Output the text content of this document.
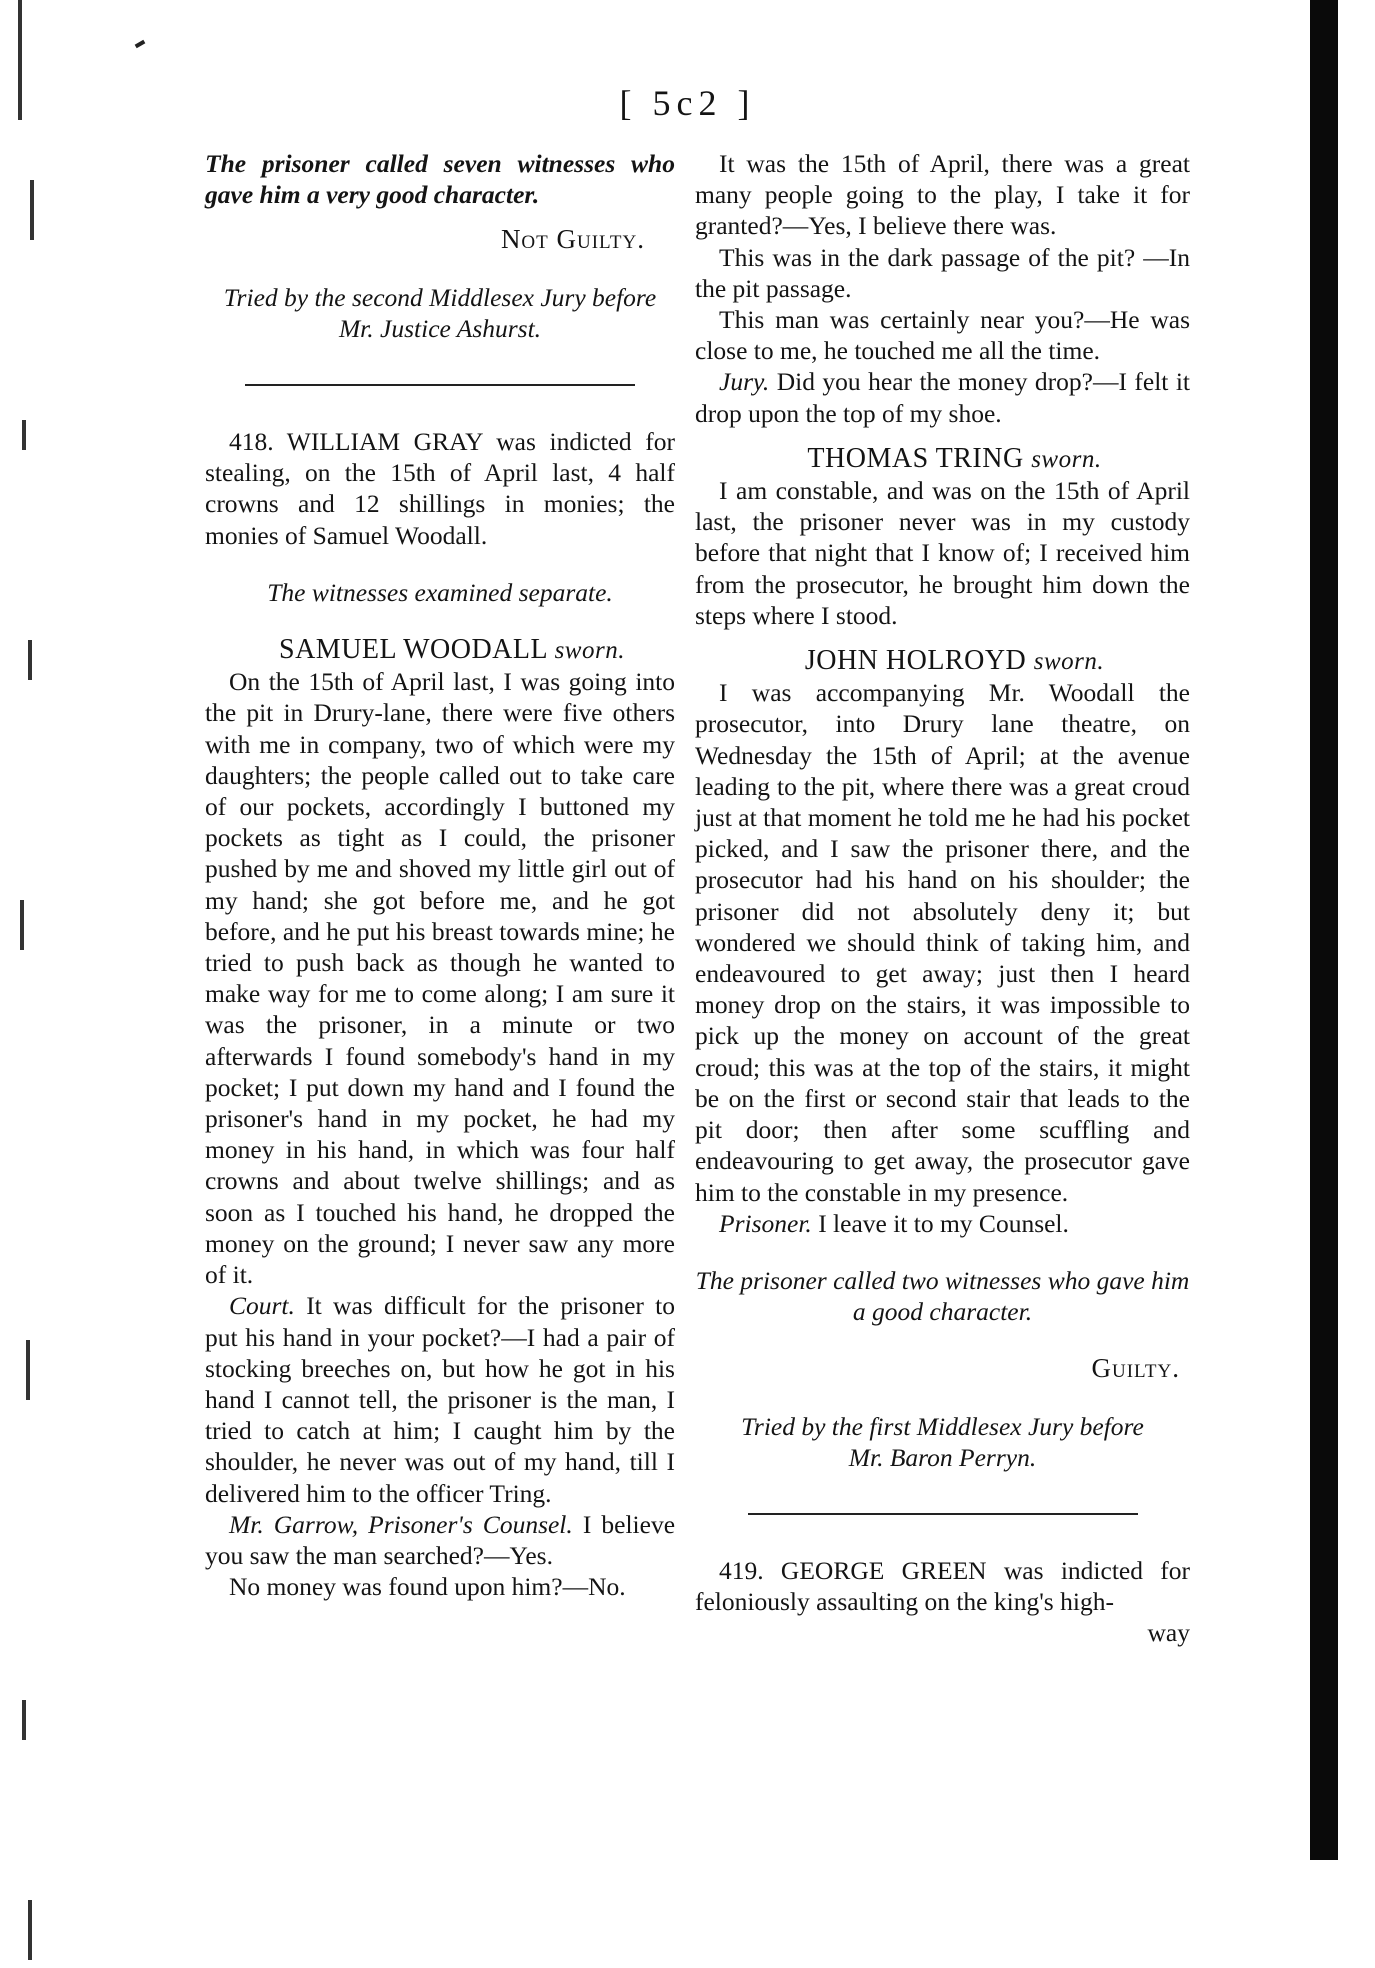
[ 5c2 ]

The prisoner called seven witnesses who gave him a very good character.

Not Guilty.

Tried by the second Middlesex Jury before

Mr. Justice Ashurst.

418. WILLIAM GRAY was indicted for stealing, on the 15th of April last, 4 half crowns and 12 shillings in monies; the monies of Samuel Woodall.

The witnesses examined separate.

SAMUEL WOODALL sworn.

On the 15th of April last, I was going into the pit in Drury-lane, there were five others with me in company, two of which were my daughters; the people called out to take care of our pockets, accordingly I buttoned my pockets as tight as I could, the prisoner pushed by me and shoved my little girl out of my hand; she got before me, and he got before, and he put his breast towards mine; he tried to push back as though he wanted to make way for me to come along; I am sure it was the prisoner, in a minute or two afterwards I found somebody's hand in my pocket; I put down my hand and I found the prisoner's hand in my pocket, he had my money in his hand, in which was four half crowns and about twelve shillings; and as soon as I touched his hand, he dropped the money on the ground; I never saw any more of it.

Court. It was difficult for the prisoner to put his hand in your pocket?—I had a pair of stocking breeches on, but how he got in his hand I cannot tell, the prisoner is the man, I tried to catch at him; I caught him by the shoulder, he never was out of my hand, till I delivered him to the officer Tring.

Mr. Garrow, Prisoner's Counsel. I believe you saw the man searched?—Yes.

No money was found upon him?—No.

It was the 15th of April, there was a great many people going to the play, I take it for granted?—Yes, I believe there was.

This was in the dark passage of the pit? —In the pit passage.

This man was certainly near you?—He was close to me, he touched me all the time.

Jury. Did you hear the money drop?—I felt it drop upon the top of my shoe.

THOMAS TRING sworn.

I am constable, and was on the 15th of April last, the prisoner never was in my custody before that night that I know of; I received him from the prosecutor, he brought him down the steps where I stood.

JOHN HOLROYD sworn.

I was accompanying Mr. Woodall the prosecutor, into Drury lane theatre, on Wednesday the 15th of April; at the avenue leading to the pit, where there was a great croud just at that moment he told me he had his pocket picked, and I saw the prisoner there, and the prosecutor had his hand on his shoulder; the prisoner did not absolutely deny it; but wondered we should think of taking him, and endeavoured to get away; just then I heard money drop on the stairs, it was impossible to pick up the money on account of the great croud; this was at the top of the stairs, it might be on the first or second stair that leads to the pit door; then after some scuffling and endeavouring to get away, the prosecutor gave him to the constable in my presence.

Prisoner. I leave it to my Counsel.

The prisoner called two witnesses who gave him a good character.

Guilty.

Tried by the first Middlesex Jury before

Mr. Baron Perryn.

419. GEORGE GREEN was indicted for feloniously assaulting on the king's high-

way
